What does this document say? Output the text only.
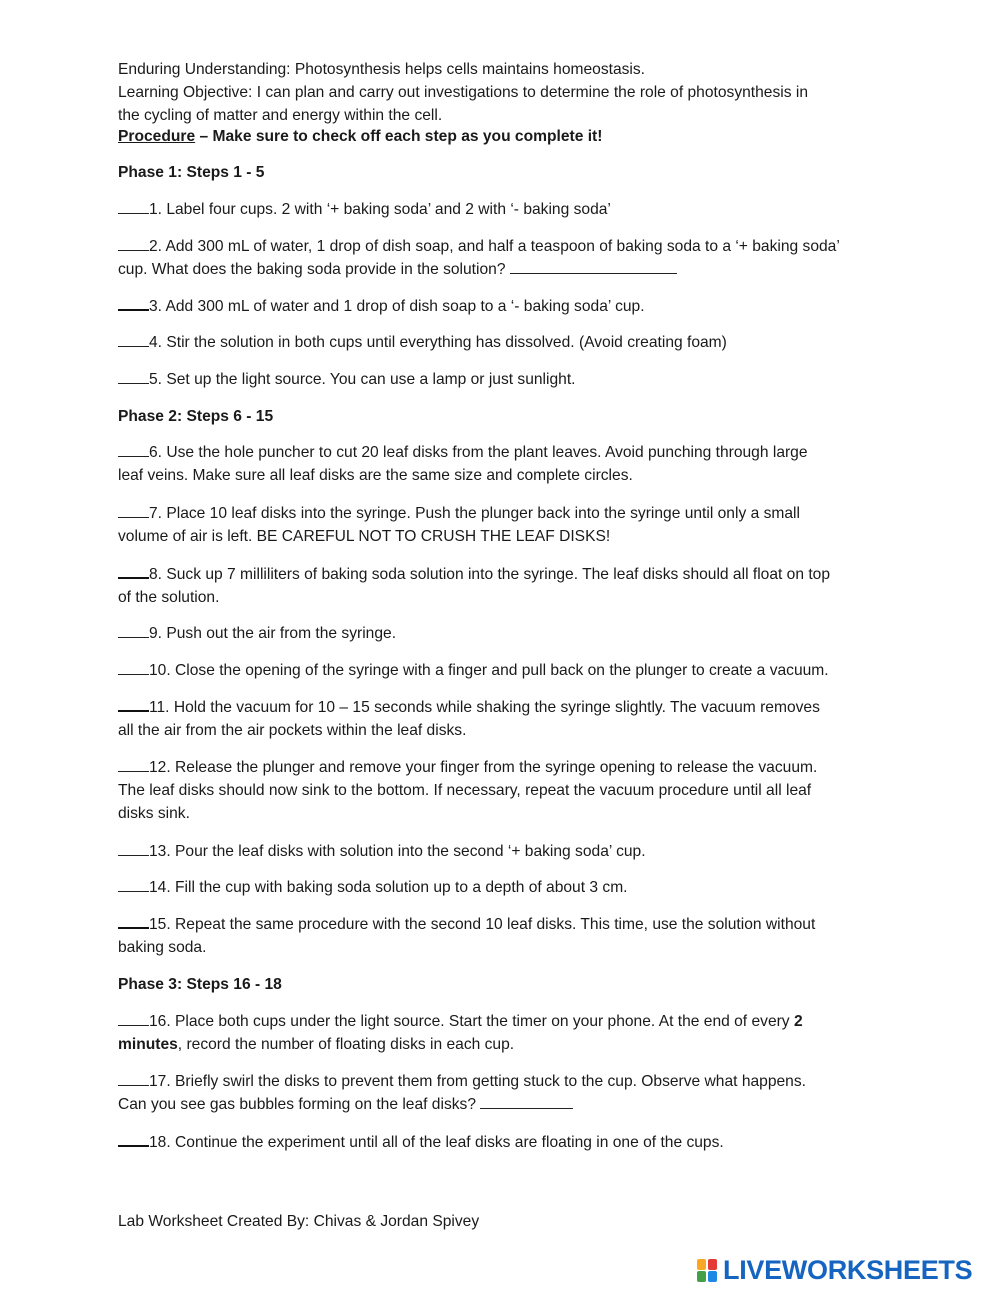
Enduring Understanding: Photosynthesis helps cells maintains homeostasis.
Learning Objective: I can plan and carry out investigations to determine the role of photosynthesis in
the cycling of matter and energy within the cell.
Procedure – Make sure to check off each step as you complete it!
Phase 1: Steps 1 - 5
1. Label four cups. 2 with ‘+ baking soda’ and 2 with ‘- baking soda’
2. Add 300 mL of water, 1 drop of dish soap, and half a teaspoon of baking soda to a ‘+ baking soda’
cup. What does the baking soda provide in the solution?
3. Add 300 mL of water and 1 drop of dish soap to a ‘- baking soda’ cup.
4. Stir the solution in both cups until everything has dissolved. (Avoid creating foam)
5. Set up the light source. You can use a lamp or just sunlight.
Phase 2: Steps 6 - 15
6. Use the hole puncher to cut 20 leaf disks from the plant leaves. Avoid punching through large
leaf veins. Make sure all leaf disks are the same size and complete circles.
7. Place 10 leaf disks into the syringe. Push the plunger back into the syringe until only a small
volume of air is left. BE CAREFUL NOT TO CRUSH THE LEAF DISKS!
8. Suck up 7 milliliters of baking soda solution into the syringe. The leaf disks should all float on top
of the solution.
9. Push out the air from the syringe.
10. Close the opening of the syringe with a finger and pull back on the plunger to create a vacuum.
11. Hold the vacuum for 10 – 15 seconds while shaking the syringe slightly. The vacuum removes
all the air from the air pockets within the leaf disks.
12. Release the plunger and remove your finger from the syringe opening to release the vacuum.
The leaf disks should now sink to the bottom. If necessary, repeat the vacuum procedure until all leaf
disks sink.
13. Pour the leaf disks with solution into the second ‘+ baking soda’ cup.
14. Fill the cup with baking soda solution up to a depth of about 3 cm.
15. Repeat the same procedure with the second 10 leaf disks. This time, use the solution without
baking soda.
Phase 3: Steps 16 - 18
16. Place both cups under the light source. Start the timer on your phone. At the end of every 2
minutes, record the number of floating disks in each cup.
17. Briefly swirl the disks to prevent them from getting stuck to the cup. Observe what happens.
Can you see gas bubbles forming on the leaf disks?
18. Continue the experiment until all of the leaf disks are floating in one of the cups.
Lab Worksheet Created By: Chivas & Jordan Spivey
LIVEWORKSHEETS
